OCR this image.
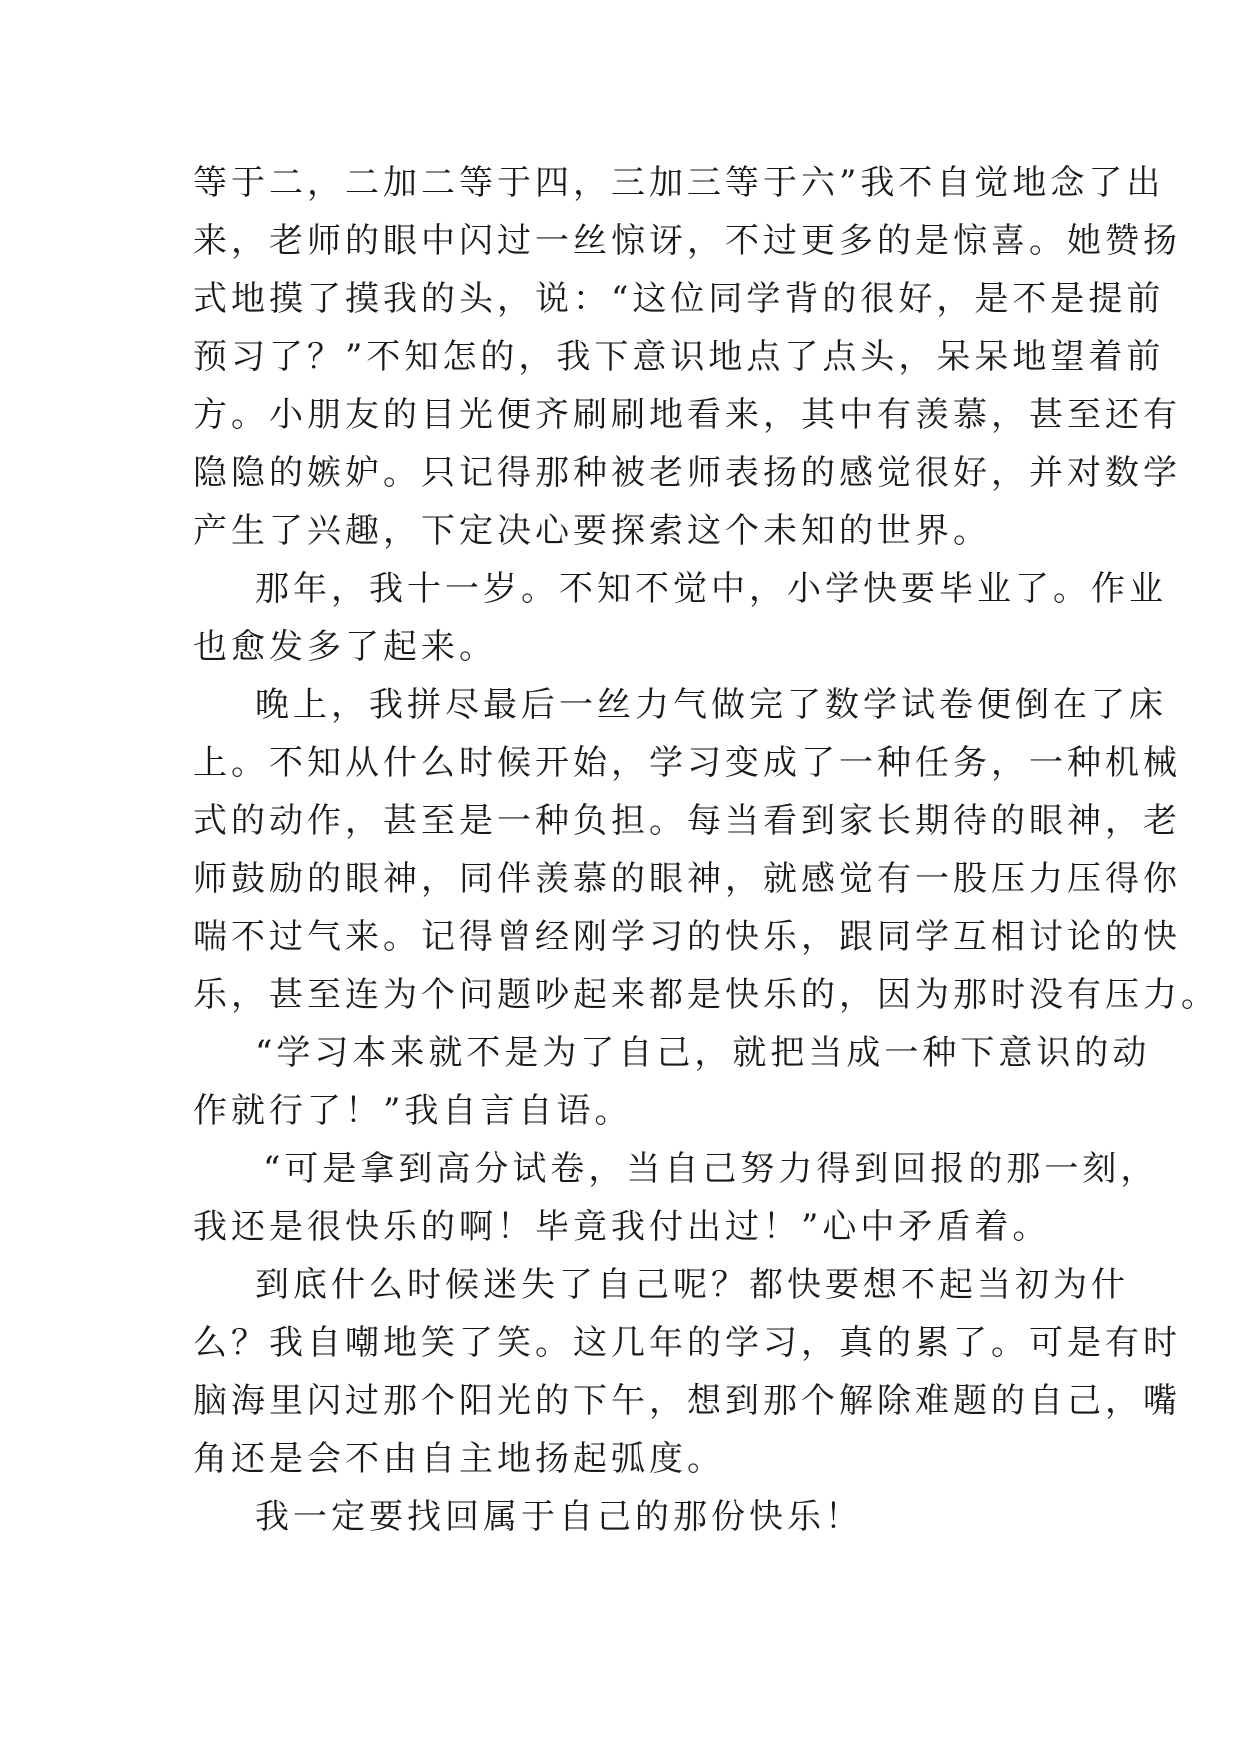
等于二，二加二等于四，三加三等于六”我不自觉地念了出
来，老师的眼中闪过一丝惊讶，不过更多的是惊喜。她赞扬
式地摸了摸我的头，说：“这位同学背的很好，是不是提前
预习了？”不知怎的，我下意识地点了点头，呆呆地望着前
方。小朋友的目光便齐刷刷地看来，其中有羡慕，甚至还有
隐隐的嫉妒。只记得那种被老师表扬的感觉很好，并对数学
产生了兴趣，下定决心要探索这个未知的世界。
那年，我十一岁。不知不觉中，小学快要毕业了。作业
也愈发多了起来。
晚上，我拼尽最后一丝力气做完了数学试卷便倒在了床
上。不知从什么时候开始，学习变成了一种任务，一种机械
式的动作，甚至是一种负担。每当看到家长期待的眼神，老
师鼓励的眼神，同伴羡慕的眼神，就感觉有一股压力压得你
喘不过气来。记得曾经刚学习的快乐，跟同学互相讨论的快
乐，甚至连为个问题吵起来都是快乐的，因为那时没有压力。
“学习本来就不是为了自己，就把当成一种下意识的动
作就行了！”我自言自语。
“可是拿到高分试卷，当自己努力得到回报的那一刻，
我还是很快乐的啊！毕竟我付出过！”心中矛盾着。
到底什么时候迷失了自己呢？都快要想不起当初为什
么？我自嘲地笑了笑。这几年的学习，真的累了。可是有时
脑海里闪过那个阳光的下午，想到那个解除难题的自己，嘴
角还是会不由自主地扬起弧度。
我一定要找回属于自己的那份快乐！
